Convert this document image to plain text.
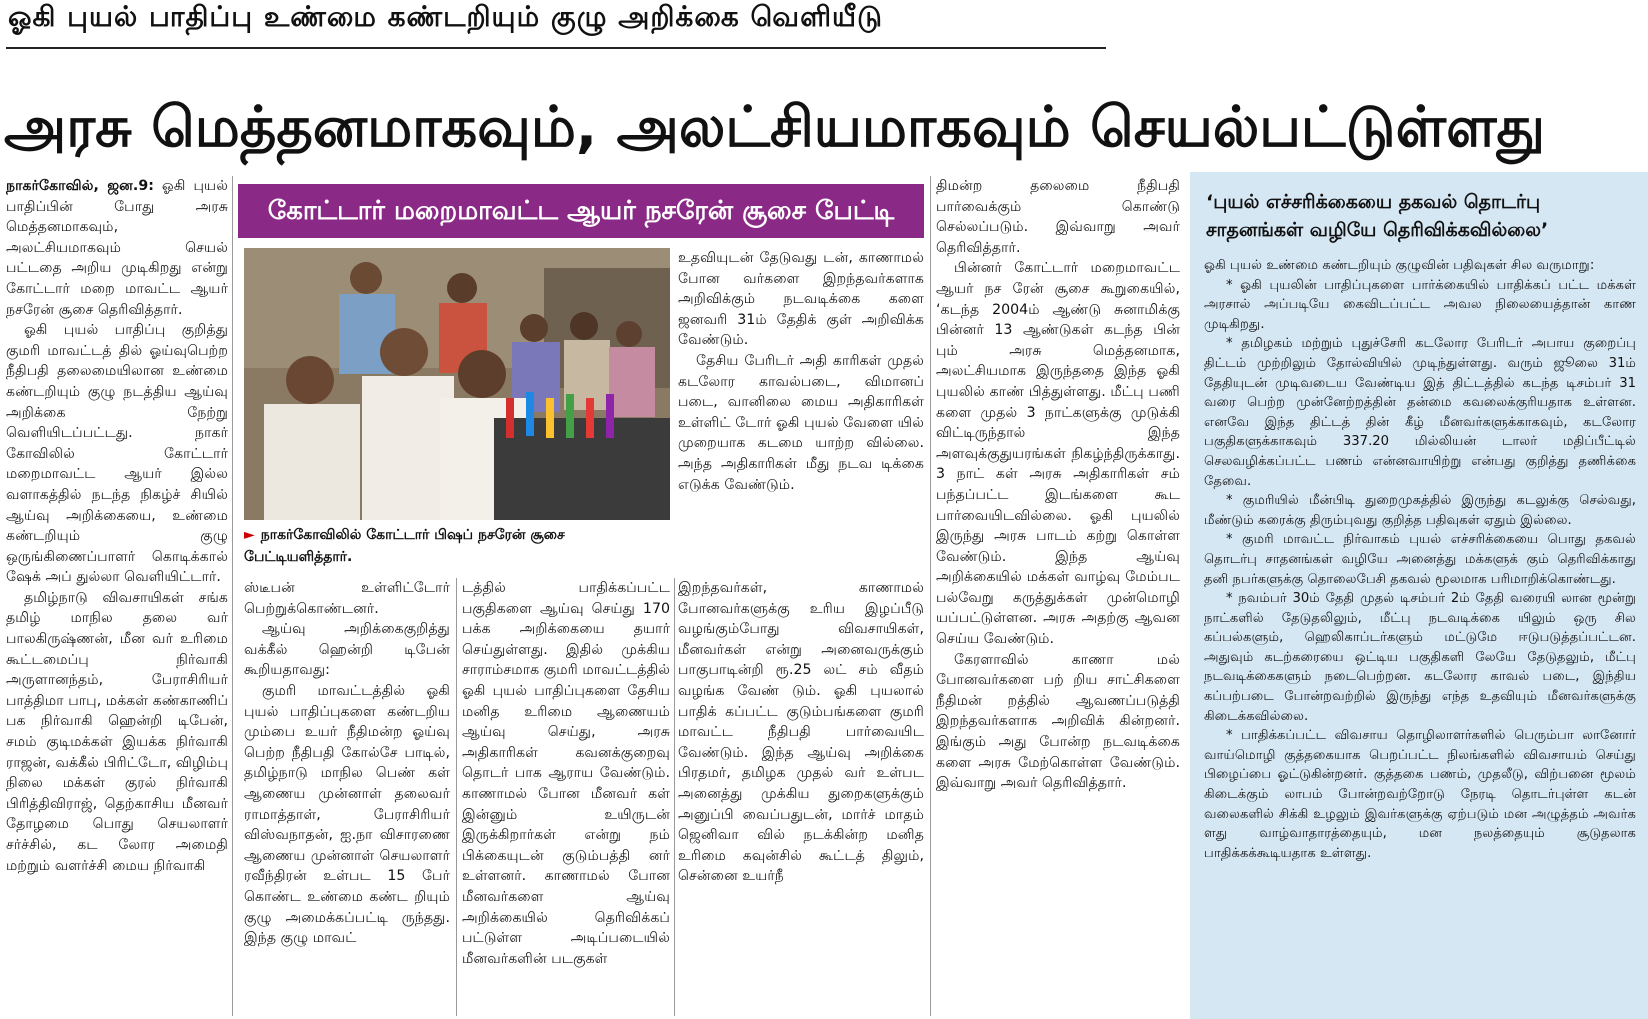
ஓகி புயல் பாதிப்பு உண்மை கண்டறியும் குழு அறிக்கை வெளியீடு
அரசு மெத்தனமாகவும், அலட்சியமாகவும் செயல்பட்டுள்ளது

நாகர்கோவில், ஜன.9: ஓகி புயல் பாதிப்பின் போது அரசு மெத்தனமாகவும், அலட்சியமாகவும் செயல் பட்டதை அறிய முடிகிறது என்று கோட்டார் மறை மாவட்ட ஆயர் நசரேன் சூசை தெரிவித்தார்.

ஓகி புயல் பாதிப்பு குறித்து குமரி மாவட்டத் தில் ஓய்வுபெற்ற நீதிபதி தலைமையிலான உண்மை கண்டறியும் குழு நடத்திய ஆய்வு அறிக்கை நேற்று வெளியிடப்பட்டது. நாகர் கோவிலில் கோட்டார் மறைமாவட்ட ஆயர் இல்ல வளாகத்தில் நடந்த நிகழ்ச் சியில் ஆய்வு அறிக்கையை, உண்மை கண்டறியும் குழு ஒருங்கிணைப்பாளர் கொடிக்கால் ஷேக் அப் துல்லா வெளியிட்டார்.

தமிழ்நாடு விவசாயிகள் சங்க தமிழ் மாநில தலை வர் பாலகிருஷ்ணன், மீன வர் உரிமை கூட்டமைப்பு நிர்வாகி அருளானந்தம், பேராசிரியர் பாத்திமா பாபு, மக்கள் கண்காணிப் பக நிர்வாகி ஹென்றி டிபேன், சமம் குடிமக்கள் இயக்க நிர்வாகி ராஜன், வக்கீல் பிரிட்டோ, விழிம்பு நிலை மக்கள் குரல் நிர்வாகி பிரித்திவிராஜ், தெற்காசிய மீனவர் தோழமை பொது செயலாளர் சர்ச்சில், கட லோர அமைதி மற்றும் வளர்ச்சி மைய நிர்வாகி

கோட்டார் மறைமாவட்ட ஆயர் நசரேன் சூசை பேட்டி
► நாகர்கோவிலில் கோட்டார் பிஷப் நசரேன் சூசை பேட்டியளித்தார்.

உதவியுடன் தேடுவது டன், காணாமல் போன வர்களை இறந்தவர்களாக அறிவிக்கும் நடவடிக்கை களை ஜனவரி 31ம் தேதிக் குள் அறிவிக்க வேண்டும்.

தேசிய பேரிடர் அதி காரிகள் முதல் கடலோர காவல்படை, விமானப் படை, வானிலை மைய அதிகாரிகள் உள்ளிட் டோர் ஓகி புயல் வேளை யில் முறையாக கடமை யாற்ற வில்லை. அந்த அதிகாரிகள் மீது நடவ டிக்கை எடுக்க வேண்டும்.

ஸ்டீபன் உள்ளிட்டோர் பெற்றுக்கொண்டனர்.

ஆய்வு அறிக்கைகுறித்து வக்கீல் ஹென்றி டிபேன் கூறியதாவது:

குமரி மாவட்டத்தில் ஓகி புயல் பாதிப்புகளை கண்டறிய மும்பை உயர் நீதிமன்ற ஓய்வு பெற்ற நீதிபதி கோல்சே பாடில், தமிழ்நாடு மாநில பெண் கள் ஆணைய முன்னாள் தலைவர் ராமாத்தாள், பேராசிரியர் விஸ்வநாதன், ஐ.நா விசாரணை ஆணைய முன்னாள் செயலாளர் ரவீந்திரன் உள்பட 15 பேர் கொண்ட உண்மை கண்ட றியும் குழு அமைக்கப்பட்டி ருந்தது. இந்த குழு மாவட்

டத்தில் பாதிக்கப்பட்ட பகுதிகளை ஆய்வு செய்து 170 பக்க அறிக்கையை தயார் செய்துள்ளது. இதில் முக்கிய சாராம்சமாக குமரி மாவட்டத்தில் ஓகி புயல் பாதிப்புகளை தேசிய மனித உரிமை ஆணையம் ஆய்வு செய்து, அரசு அதிகாரிகள் கவனக்குறைவு தொடர் பாக ஆராய வேண்டும். காணாமல் போன மீனவர் கள் இன்னும் உயிருடன் இருக்கிறார்கள் என்று நம் பிக்கையுடன் குடும்பத்தி னர் உள்ளனர். காணாமல் போன மீனவர்களை ஆய்வு அறிக்கையில் தெரிவிக்கப் பட்டுள்ள அடிப்படையில் மீனவர்களின் படகுகள்

இறந்தவர்கள், காணாமல் போனவர்களுக்கு உரிய இழப்பீடு வழங்கும்போது விவசாயிகள், மீனவர்கள் என்று அனைவருக்கும் பாகுபாடின்றி ரூ.25 லட் சம் வீதம் வழங்க வேண் டும். ஓகி புயலால் பாதிக் கப்பட்ட குடும்பங்களை குமரி மாவட்ட நீதிபதி பார்வையிட வேண்டும். இந்த ஆய்வு அறிக்கை பிரதமர், தமிழக முதல் வர் உள்பட அனைத்து முக்கிய துறைகளுக்கும் அனுப்பி வைப்பதுடன், மார்ச் மாதம் ஜெனிவா வில் நடக்கின்ற மனித உரிமை கவுன்சில் கூட்டத் திலும், சென்னை உயர்நீ

திமன்ற தலைமை நீதிபதி பார்வைக்கும் கொண்டு செல்லப்படும். இவ்வாறு அவர் தெரிவித்தார்.

பின்னர் கோட்டார் மறைமாவட்ட ஆயர் நச ரேன் சூசை கூறுகையில், ‘கடந்த 2004ம் ஆண்டு சுனாமிக்கு பின்னர் 13 ஆண்டுகள் கடந்த பின் பும் அரசு மெத்தனமாக, அலட்சியமாக இருந்ததை இந்த ஓகி புயலில் காண் பித்துள்ளது. மீட்பு பணி களை முதல் 3 நாட்களுக்கு முடுக்கி விட்டிருந்தால் இந்த அளவுக்குதுயரங்கள் நிகழ்ந்திருக்காது. 3 நாட் கள் அரசு அதிகாரிகள் சம் பந்தப்பட்ட இடங்களை கூட பார்வையிடவில்லை. ஓகி புயலில் இருந்து அரசு பாடம் கற்று கொள்ள வேண்டும். இந்த ஆய்வு அறிக்கையில் மக்கள் வாழ்வு மேம்பட பல்வேறு கருத்துக்கள் முன்மொழி யப்பட்டுள்ளன. அரசு அதற்கு ஆவன செய்ய வேண்டும்.

கேரளாவில் காணா மல் போனவர்களை பற் றிய சாட்சிகளை நீதிமன் றத்தில் ஆவணப்படுத்தி இறந்தவர்களாக அறிவிக் கின்றனர். இங்கும் அது போன்ற நடவடிக்கை களை அரசு மேற்கொள்ள வேண்டும். இவ்வாறு அவர் தெரிவித்தார்.

‘புயல் எச்சரிக்கையை தகவல் தொடர்பு சாதனங்கள் வழியே தெரிவிக்கவில்லை’

ஓகி புயல் உண்மை கண்டறியும் குழுவின் பதிவுகள் சில வருமாறு:

* ஓகி புயலின் பாதிப்புகளை பார்க்கையில் பாதிக்கப் பட்ட மக்கள் அரசால் அப்படியே கைவிடப்பட்ட அவல நிலையைத்தான் காண முடிகிறது.

* தமிழகம் மற்றும் புதுச்சேரி கடலோர பேரிடர் அபாய குறைப்பு திட்டம் முற்றிலும் தோல்வியில் முடிந்துள்ளது. வரும் ஜூலை 31ம் தேதியுடன் முடிவடைய வேண்டிய இத் திட்டத்தில் கடந்த டிசம்பர் 31 வரை பெற்ற முன்னேற்றத்தின் தன்மை கவலைக்குரியதாக உள்ளன. எனவே இந்த திட்டத் தின் கீழ் மீனவர்களுக்காகவும், கடலோர பகுதிகளுக்காகவும் 337.20 மில்லியன் டாலர் மதிப்பீட்டில் செலவழிக்கப்பட்ட பணம் என்னவாயிற்று என்பது குறித்து தணிக்கை தேவை.

* குமரியில் மீன்பிடி துறைமுகத்தில் இருந்து கடலுக்கு செல்வது, மீண்டும் கரைக்கு திரும்புவது குறித்த பதிவுகள் ஏதும் இல்லை.

* குமரி மாவட்ட நிர்வாகம் புயல் எச்சரிக்கையை பொது தகவல் தொடர்பு சாதனங்கள் வழியே அனைத்து மக்களுக் கும் தெரிவிக்காது தனி நபர்களுக்கு தொலைபேசி தகவல் மூலமாக பரிமாறிக்கொண்டது.

* நவம்பர் 30ம் தேதி முதல் டிசம்பர் 2ம் தேதி வரையி லான மூன்று நாட்களில் தேடுதலிலும், மீட்பு நடவடிக்கை யிலும் ஒரு சில கப்பல்களும், ஹெலிகாப்டர்களும் மட்டுமே ஈடுபடுத்தப்பட்டன. அதுவும் கடற்கரையை ஒட்டிய பகுதிகளி லேயே தேடுதலும், மீட்பு நடவடிக்கைகளும் நடைபெற்றன. கடலோர காவல் படை, இந்திய கப்பற்படை போன்றவற்றில் இருந்து எந்த உதவியும் மீனவர்களுக்கு கிடைக்கவில்லை.

* பாதிக்கப்பட்ட விவசாய தொழிலாளர்களில் பெரும்பா லானோர் வாய்மொழி குத்தகையாக பெறப்பட்ட நிலங்களில் விவசாயம் செய்து பிழைப்பை ஓட்டுகின்றனர். குத்தகை பணம், முதலீடு, விற்பனை மூலம் கிடைக்கும் லாபம் போன்றவற்றோடு நேரடி தொடர்புள்ள கடன் வலைகளில் சிக்கி உழலும் இவர்களுக்கு ஏற்படும் மன அழுத்தம் அவர்க ளது வாழ்வாதாரத்தையும், மன நலத்தையும் சூடுதலாக பாதிக்கக்கூடியதாக உள்ளது.
